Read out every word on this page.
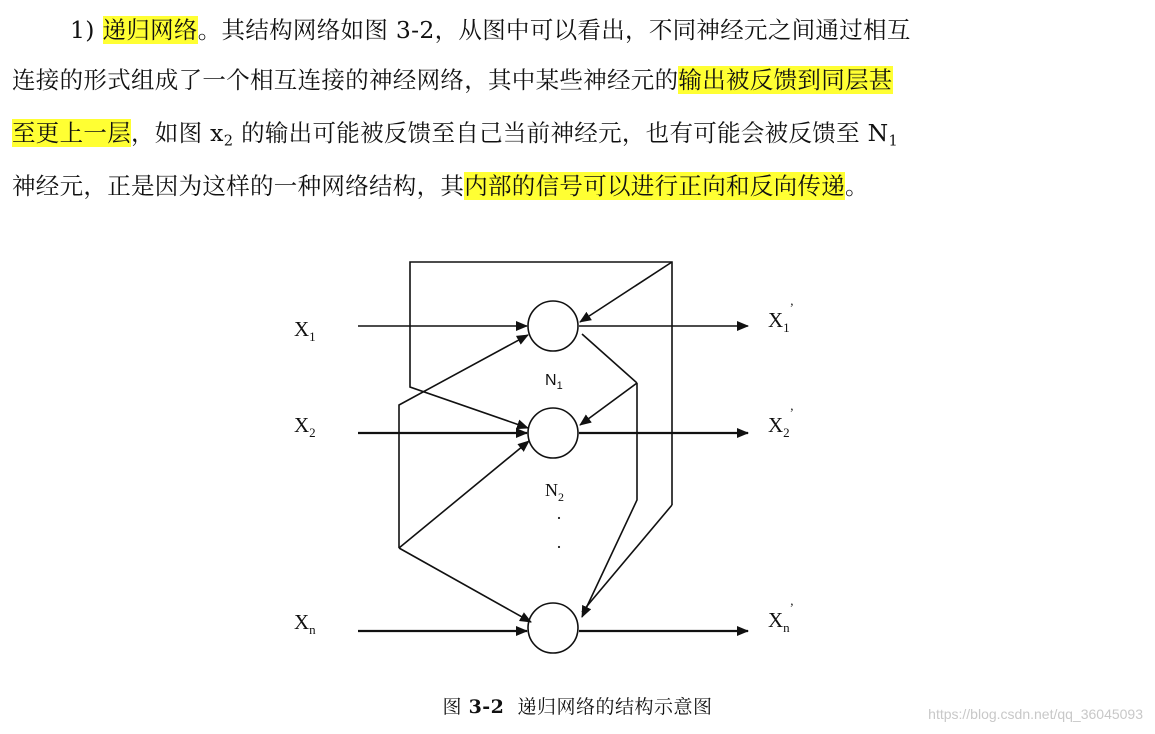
1) 递归网络。其结构网络如图 3-2，从图中可以看出，不同神经元之间通过相互
连接的形式组成了一个相互连接的神经网络，其中某些神经元的输出被反馈到同层甚
至更上一层，如图 $x_2$ 的输出可能被反馈至自己当前神经元，也有可能会被反馈至 $N_1$
神经元，正是因为这样的一种网络结构，其内部的信号可以进行正向和反向传递。
$X_1$
$X_2$
$X_n$
$X_1^’$
$X_2^’$
$X_n^’$
$N_1$
$N_2$
·
·
图 3-2 递归网络的结构示意图	https://blog.csdn.net/qq_36045093
